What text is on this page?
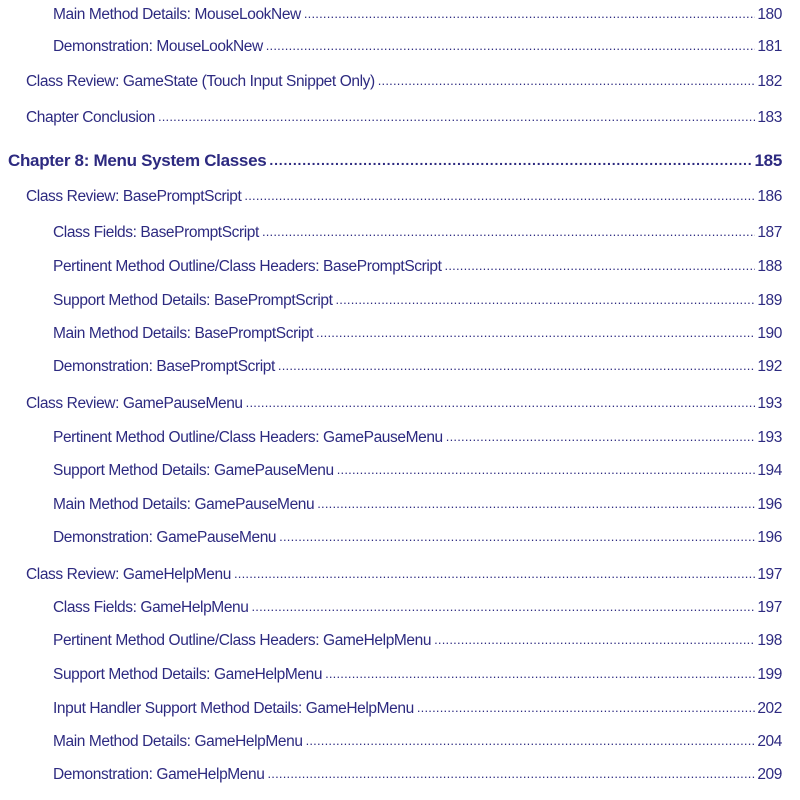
Main Method Details: MouseLookNew .....	180
Demonstration: MouseLookNew .....	181
Class Review: GameState (Touch Input Snippet Only) .....	182
Chapter Conclusion .....	183
Chapter 8: Menu System Classes .....	185
Class Review: BasePromptScript .....	186
Class Fields: BasePromptScript .....	187
Pertinent Method Outline/Class Headers: BasePromptScript .....	188
Support Method Details: BasePromptScript .....	189
Main Method Details: BasePromptScript .....	190
Demonstration: BasePromptScript .....	192
Class Review: GamePauseMenu .....	193
Pertinent Method Outline/Class Headers: GamePauseMenu .....	193
Support Method Details: GamePauseMenu .....	194
Main Method Details: GamePauseMenu .....	196
Demonstration: GamePauseMenu .....	196
Class Review: GameHelpMenu .....	197
Class Fields: GameHelpMenu .....	197
Pertinent Method Outline/Class Headers: GameHelpMenu .....	198
Support Method Details: GameHelpMenu .....	199
Input Handler Support Method Details: GameHelpMenu .....	202
Main Method Details: GameHelpMenu .....	204
Demonstration: GameHelpMenu .....	209
